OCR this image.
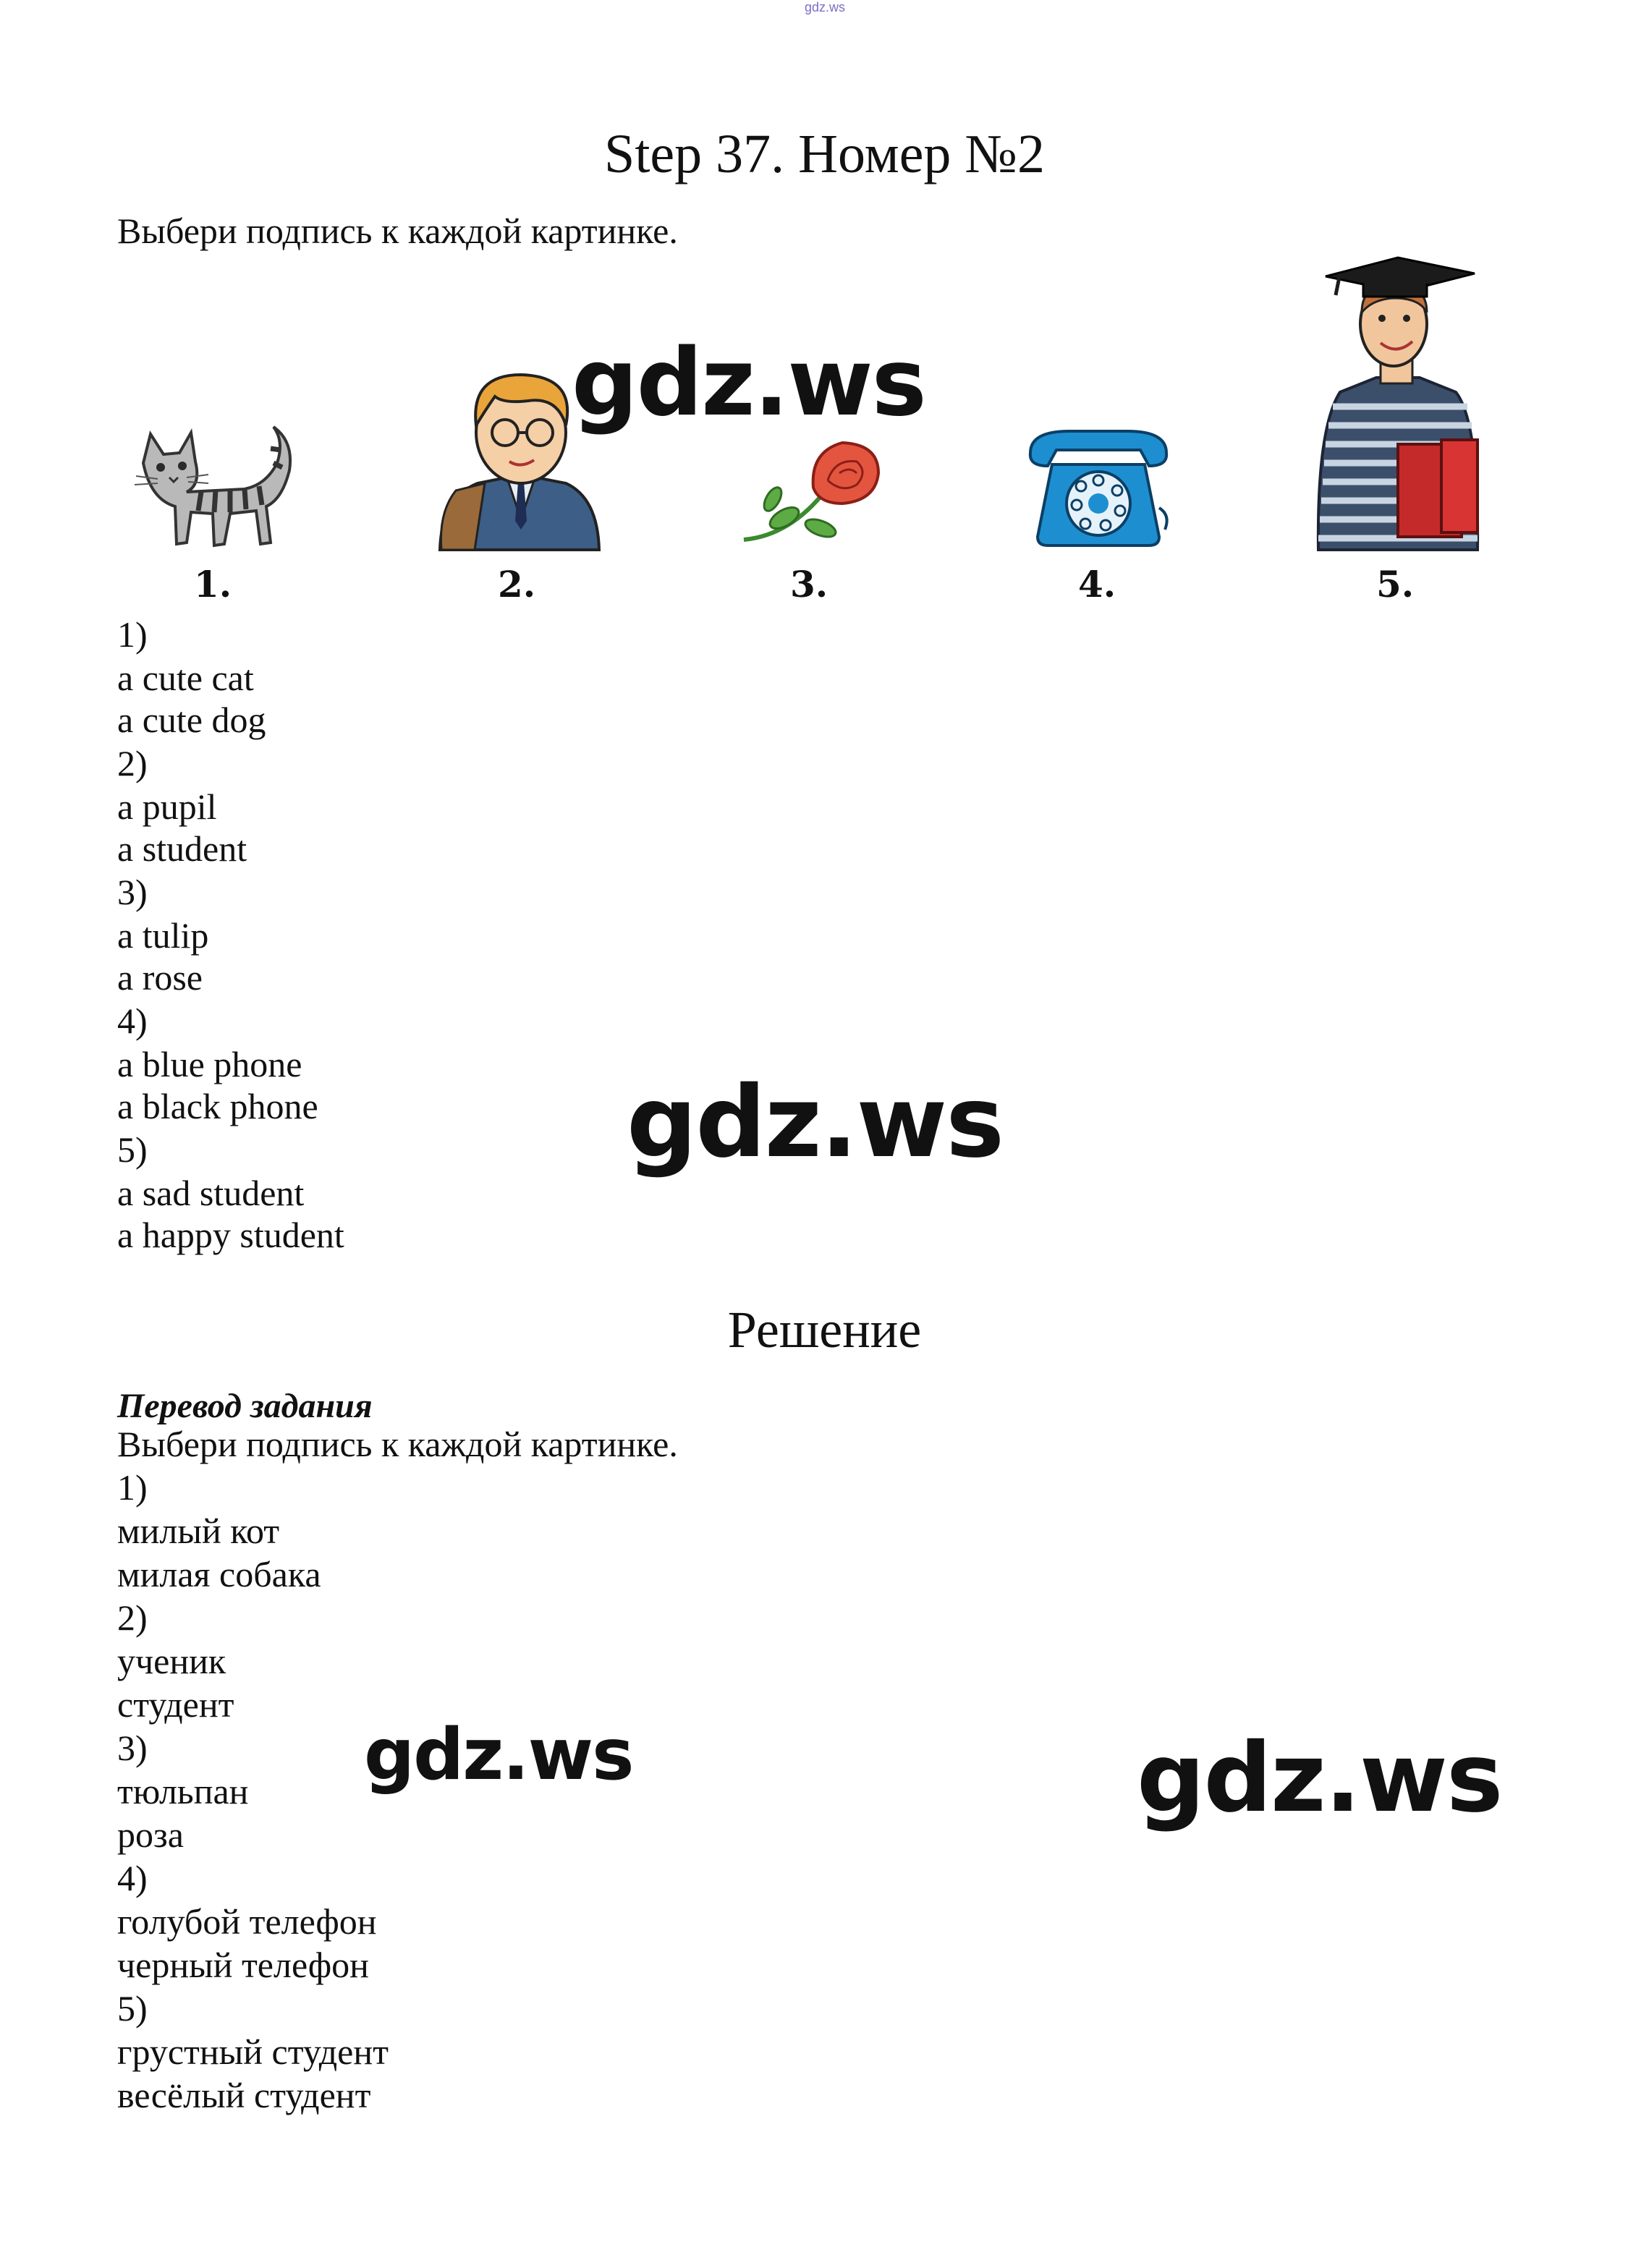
gdz.ws
Step 37. Номер №2
Выбери подпись к каждой картинке.
1.	2.	3.	4.	5.
1)
a cute cat
a cute dog
2)
a pupil
a student
3)
a tulip
a rose
4)
a blue phone
a black phone
5)
a sad student
a happy student
Решение
Перевод задания
Выбери подпись к каждой картинке.
1)
милый кот
милая собака
2)
ученик
студент
3)
тюльпан
роза
4)
голубой телефон
черный телефон
5)
грустный студент
весёлый студент
gdz.ws
gdz.ws
gdz.ws	gdz.ws
